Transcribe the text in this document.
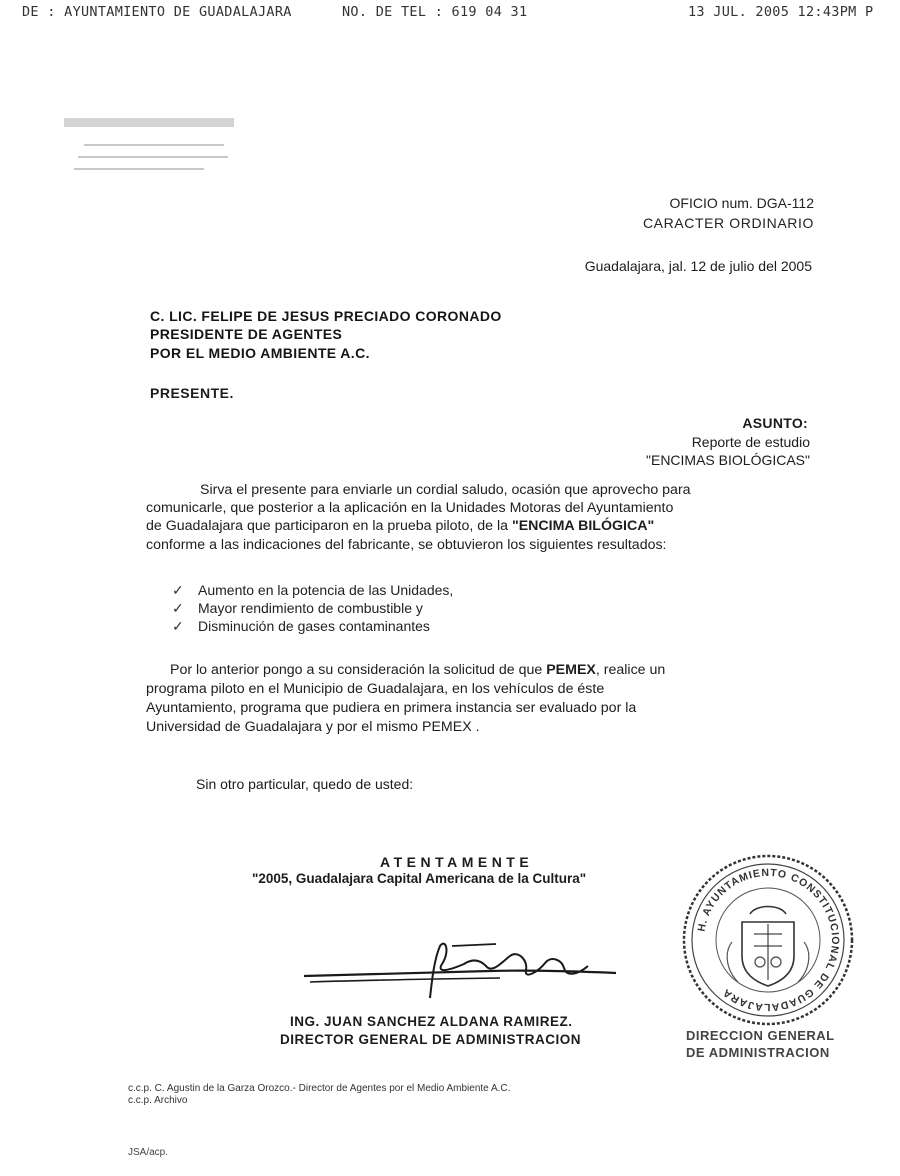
DE : AYUNTAMIENTO DE GUADALAJARA	NO. DE TEL : 619 04 31	13 JUL. 2005 12:43PM P
OFICIO num. DGA-112
CARACTER ORDINARIO
Guadalajara, jal. 12 de julio del 2005
C. LIC. FELIPE DE JESUS PRECIADO CORONADO
PRESIDENTE DE AGENTES
POR EL MEDIO AMBIENTE A.C.
PRESENTE.
ASUNTO:
Reporte de estudio
"ENCIMAS BIOLÓGICAS"
Sirva el presente para enviarle un cordial saludo, ocasión que aprovecho para
comunicarle, que posterior a la aplicación en la Unidades Motoras del Ayuntamiento
de Guadalajara que participaron en la prueba piloto, de la "ENCIMA BILÓGICA"
conforme a las indicaciones del fabricante, se obtuvieron los siguientes resultados:
✓ Aumento en la potencia de las Unidades,
✓ Mayor rendimiento de combustible y
✓ Disminución de gases contaminantes
Por lo anterior pongo a su consideración la solicitud de que PEMEX, realice un
programa piloto en el Municipio de Guadalajara, en los vehículos de éste
Ayuntamiento, programa que pudiera en primera instancia ser evaluado por la
Universidad de Guadalajara y por el mismo PEMEX .
Sin otro particular, quedo de usted:
ATENTAMENTE
"2005, Guadalajara Capital Americana de la Cultura"
ING. JUAN SANCHEZ ALDANA RAMIREZ.
DIRECTOR GENERAL DE ADMINISTRACION
H. AYUNTAMIENTO CONSTITUCIONAL DE GUADALAJARA
DIRECCION GENERAL
DE ADMINISTRACION
c.c.p. C. Agustin de la Garza Orozco.- Director de Agentes por el Medio Ambiente A.C.
c.c.p. Archivo
JSA/acp.
